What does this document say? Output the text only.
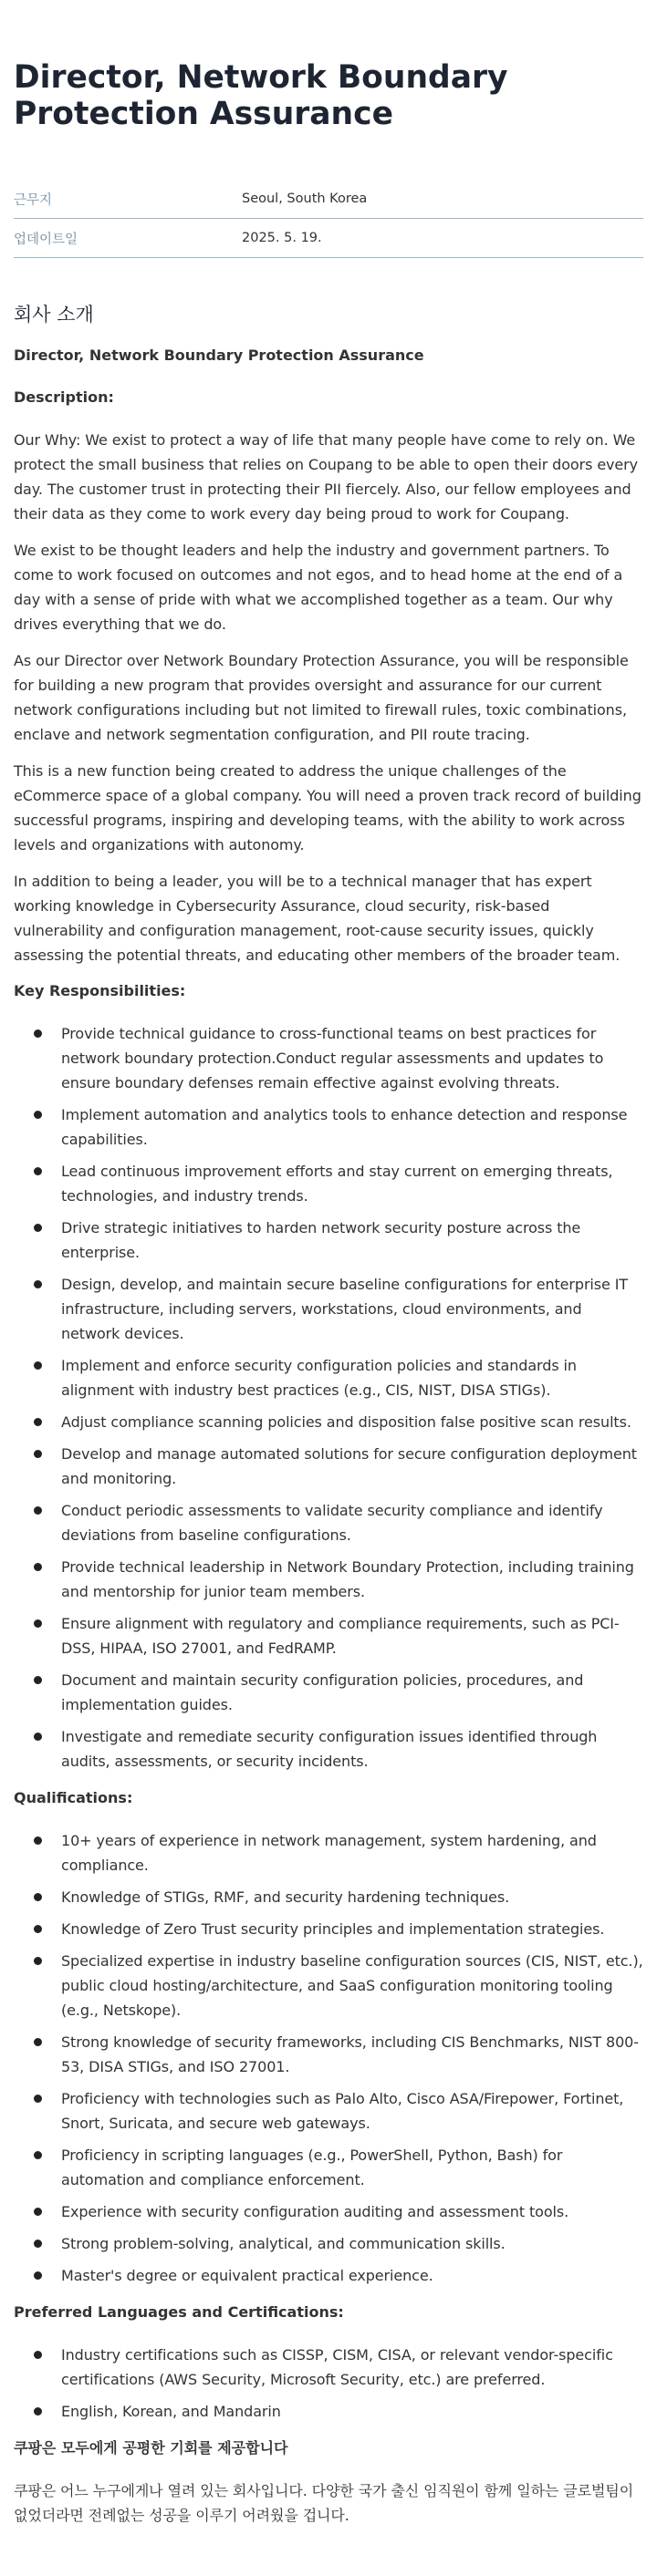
Director, Network Boundary Protection Assurance
근무지	Seoul, South Korea
업데이트일	2025. 5. 19.
회사 소개
Director, Network Boundary Protection Assurance
Description:

Our Why: We exist to protect a way of life that many people have come to rely on. We protect the small business that relies on Coupang to be able to open their doors every day. The customer trust in protecting their PII fiercely. Also, our fellow employees and their data as they come to work every day being proud to work for Coupang.

We exist to be thought leaders and help the industry and government partners. To come to work focused on outcomes and not egos, and to head home at the end of a day with a sense of pride with what we accomplished together as a team. Our why drives everything that we do.

As our Director over Network Boundary Protection Assurance, you will be responsible for building a new program that provides oversight and assurance for our current network configurations including but not limited to firewall rules, toxic combinations, enclave and network segmentation configuration, and PII route tracing.

This is a new function being created to address the unique challenges of the eCommerce space of a global company. You will need a proven track record of building successful programs, inspiring and developing teams, with the ability to work across levels and organizations with autonomy.

In addition to being a leader, you will be to a technical manager that has expert working knowledge in Cybersecurity Assurance, cloud security, risk-based vulnerability and configuration management, root-cause security issues, quickly assessing the potential threats, and educating other members of the broader team.

Key Responsibilities:
Provide technical guidance to cross-functional teams on best practices for network boundary protection.Conduct regular assessments and updates to ensure boundary defenses remain effective against evolving threats.
Implement automation and analytics tools to enhance detection and response capabilities.
Lead continuous improvement efforts and stay current on emerging threats, technologies, and industry trends.
Drive strategic initiatives to harden network security posture across the enterprise.
Design, develop, and maintain secure baseline configurations for enterprise IT infrastructure, including servers, workstations, cloud environments, and network devices.
Implement and enforce security configuration policies and standards in alignment with industry best practices (e.g., CIS, NIST, DISA STIGs).
Adjust compliance scanning policies and disposition false positive scan results.
Develop and manage automated solutions for secure configuration deployment and monitoring.
Conduct periodic assessments to validate security compliance and identify deviations from baseline configurations.
Provide technical leadership in Network Boundary Protection, including training and mentorship for junior team members.
Ensure alignment with regulatory and compliance requirements, such as PCI-DSS, HIPAA, ISO 27001, and FedRAMP.
Document and maintain security configuration policies, procedures, and implementation guides.
Investigate and remediate security configuration issues identified through audits, assessments, or security incidents.
Qualifications:
10+ years of experience in network management, system hardening, and compliance.
Knowledge of STIGs, RMF, and security hardening techniques.
Knowledge of Zero Trust security principles and implementation strategies.
Specialized expertise in industry baseline configuration sources (CIS, NIST, etc.), public cloud hosting/architecture, and SaaS configuration monitoring tooling (e.g., Netskope).
Strong knowledge of security frameworks, including CIS Benchmarks, NIST 800-53, DISA STIGs, and ISO 27001.
Proficiency with technologies such as Palo Alto, Cisco ASA/Firepower, Fortinet, Snort, Suricata, and secure web gateways.
Proficiency in scripting languages (e.g., PowerShell, Python, Bash) for automation and compliance enforcement.
Experience with security configuration auditing and assessment tools.
Strong problem-solving, analytical, and communication skills.
Master's degree or equivalent practical experience.
Preferred Languages and Certifications:
Industry certifications such as CISSP, CISM, CISA, or relevant vendor-specific certifications (AWS Security, Microsoft Security, etc.) are preferred.
English, Korean, and Mandarin
쿠팡은 모두에게 공평한 기회를 제공합니다

쿠팡은 어느 누구에게나 열려 있는 회사입니다. 다양한 국가 출신 임직원이 함께 일하는 글로벌팀이 없었더라면 전례없는 성공을 이루기 어려웠을 겁니다.
